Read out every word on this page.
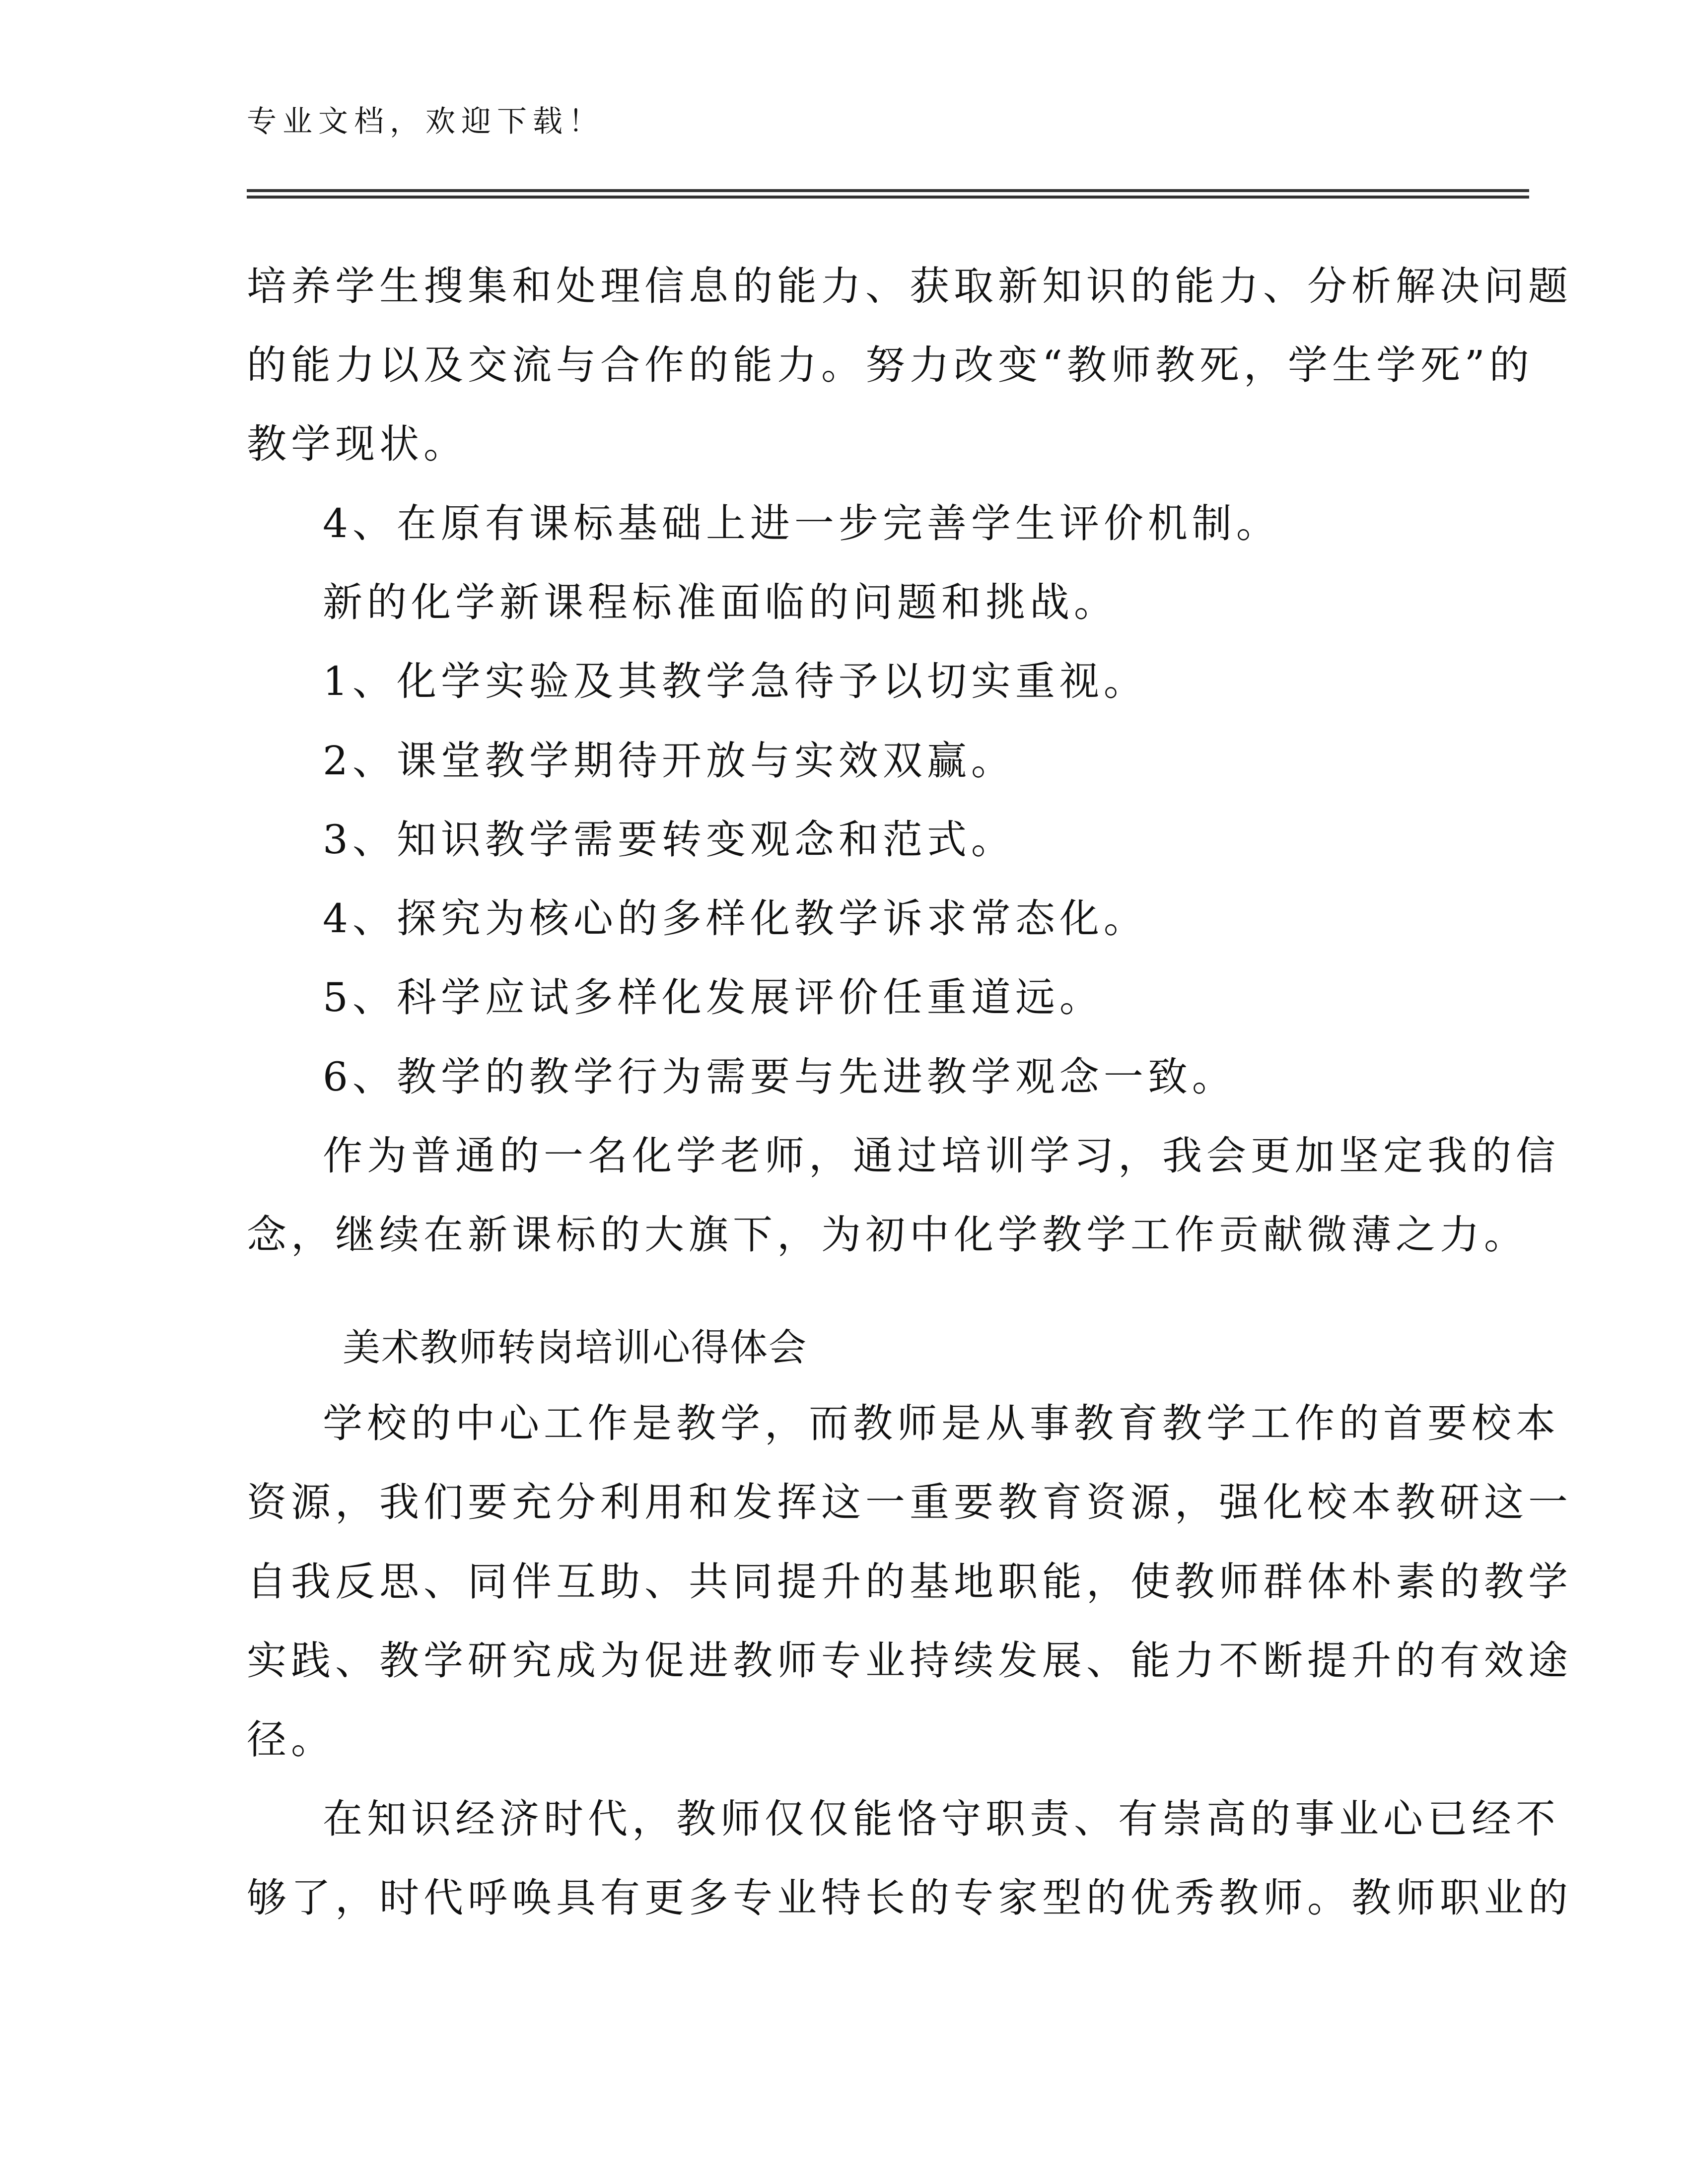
专业文档，欢迎下载！
培养学生搜集和处理信息的能力、获取新知识的能力、分析解决问题
的能力以及交流与合作的能力。努力改变“教师教死，学生学死”的
教学现状。
4、在原有课标基础上进一步完善学生评价机制。
新的化学新课程标准面临的问题和挑战。
1、化学实验及其教学急待予以切实重视。
2、课堂教学期待开放与实效双赢。
3、知识教学需要转变观念和范式。
4、探究为核心的多样化教学诉求常态化。
5、科学应试多样化发展评价任重道远。
6、教学的教学行为需要与先进教学观念一致。
作为普通的一名化学老师，通过培训学习，我会更加坚定我的信
念，继续在新课标的大旗下，为初中化学教学工作贡献微薄之力。
美术教师转岗培训心得体会
学校的中心工作是教学，而教师是从事教育教学工作的首要校本
资源，我们要充分利用和发挥这一重要教育资源，强化校本教研这一
自我反思、同伴互助、共同提升的基地职能，使教师群体朴素的教学
实践、教学研究成为促进教师专业持续发展、能力不断提升的有效途
径。
在知识经济时代，教师仅仅能恪守职责、有崇高的事业心已经不
够了，时代呼唤具有更多专业特长的专家型的优秀教师。教师职业的
